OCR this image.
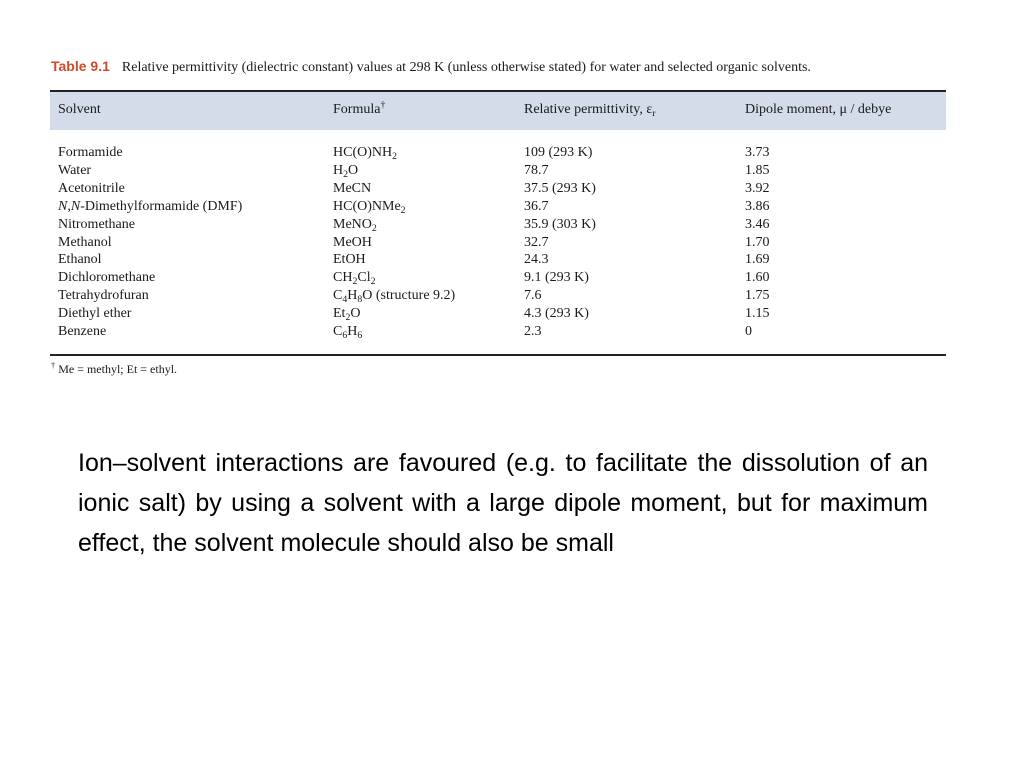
Table 9.1 Relative permittivity (dielectric constant) values at 298 K (unless otherwise stated) for water and selected organic solvents.
Solvent	Formula†	Relative permittivity, $\varepsilon_r$	Dipole moment, μ / debye
Formamide	$HC(O)NH_2$	109 (293 K)	3.73
Water	$H_2O$	78.7	1.85
Acetonitrile	MeCN	37.5 (293 K)	3.92
N,N-Dimethylformamide (DMF)	HC(O)NMe$_2$	36.7	3.86
Nitromethane	MeNO$_2$	35.9 (303 K)	3.46
Methanol	MeOH	32.7	1.70
Ethanol	EtOH	24.3	1.69
Dichloromethane	$CH_2Cl_2$	9.1 (293 K)	1.60
Tetrahydrofuran	$C_4H_8O$ (structure 9.2)	7.6	1.75
Diethyl ether	$Et_2O$	4.3 (293 K)	1.15
Benzene	$C_6H_6$	2.3	0
† Me = methyl; Et = ethyl.
Ion–solvent interactions are favoured (e.g. to facilitate the dissolution of an ionic salt) by using a solvent with a large dipole moment, but for maximum effect, the solvent molecule should also be small
